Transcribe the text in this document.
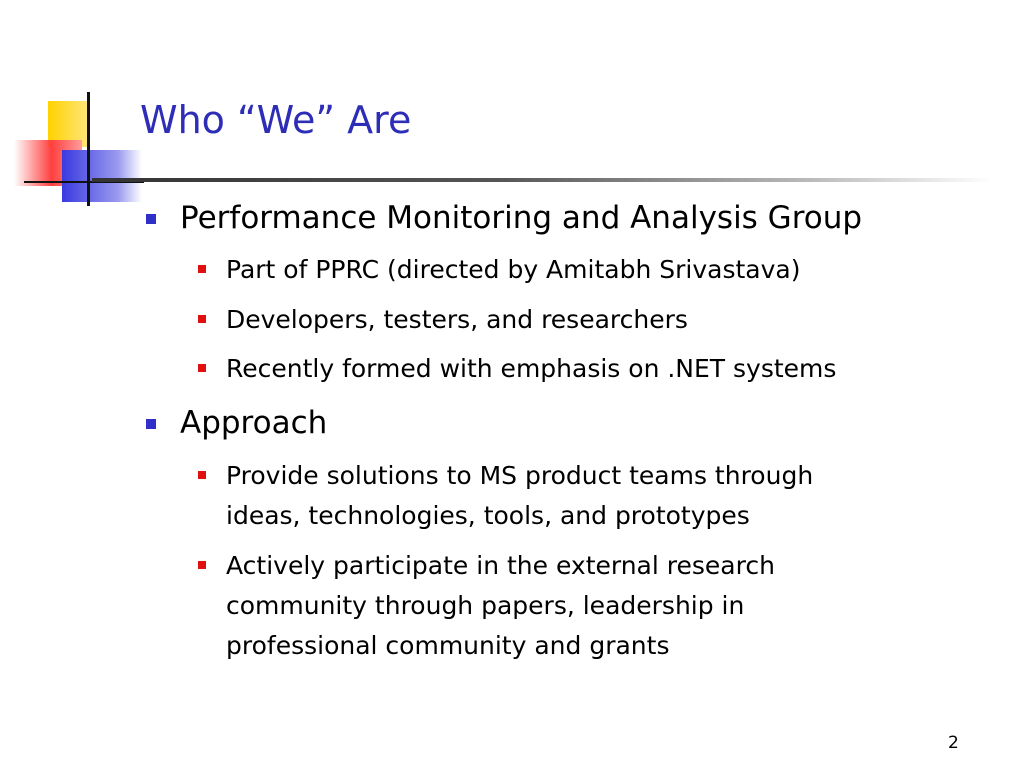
Who “We” Are
Performance Monitoring and Analysis Group
Part of PPRC (directed by Amitabh Srivastava)
Developers, testers, and researchers
Recently formed with emphasis on .NET systems
Approach
Provide solutions to MS product teams through
ideas, technologies, tools, and prototypes
Actively participate in the external research
community through papers, leadership in
professional community and grants
2
